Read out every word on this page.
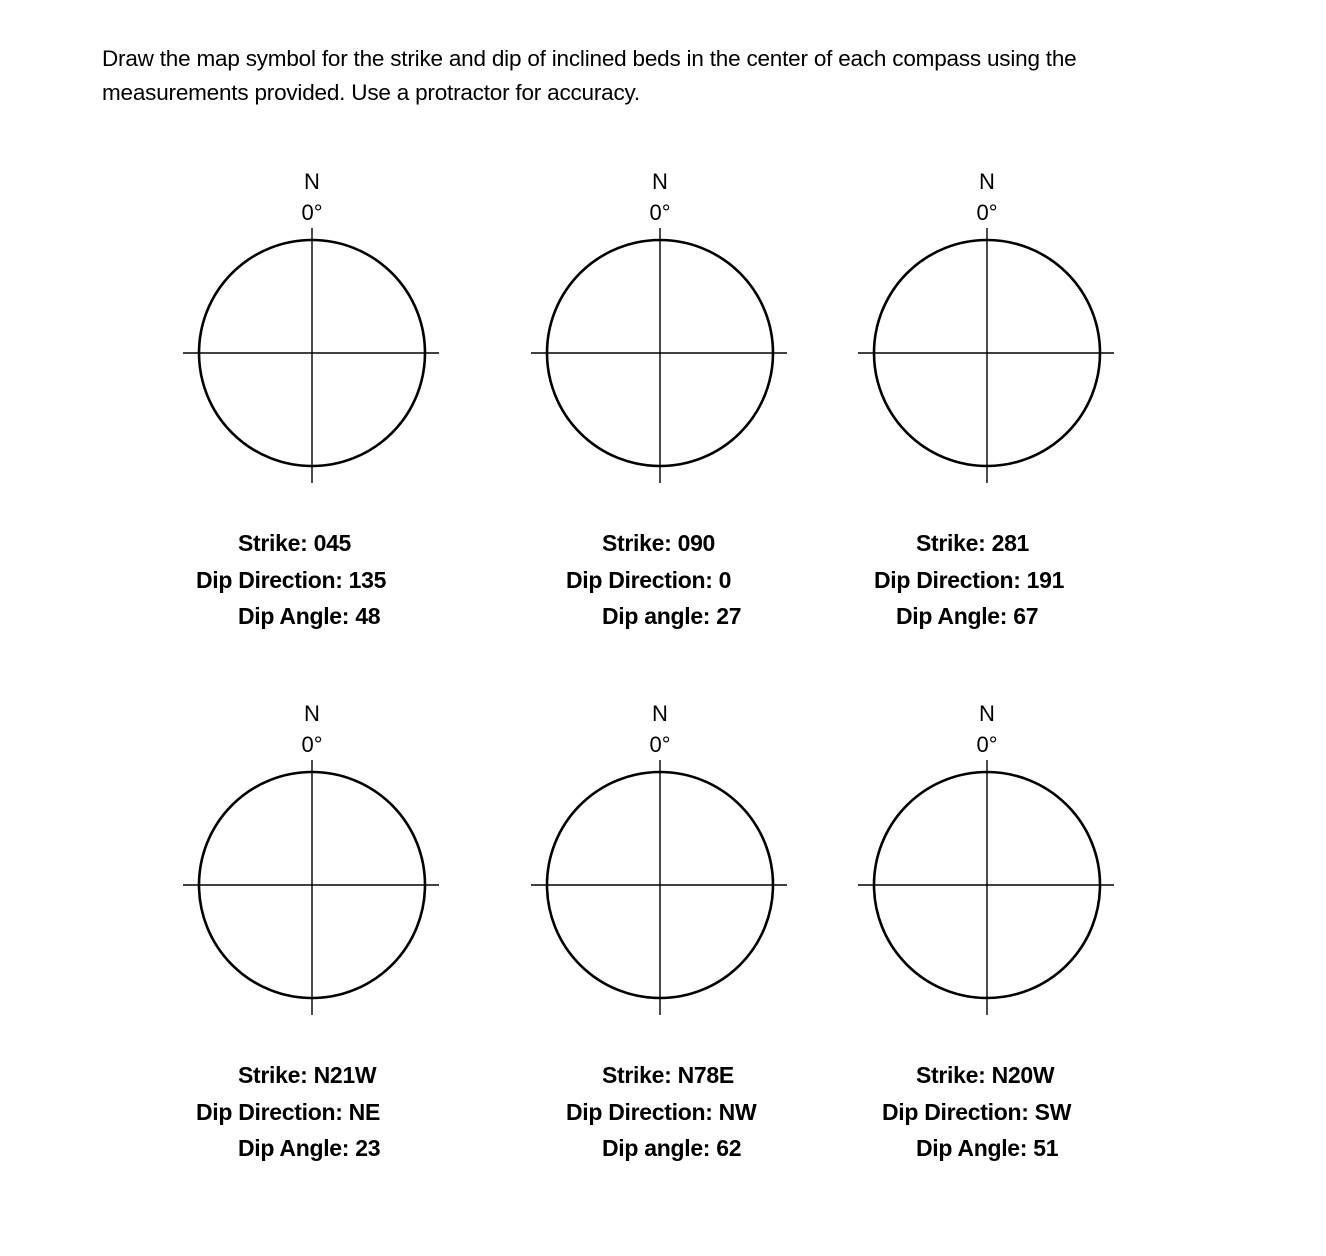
Draw the map symbol for the strike and dip of inclined beds in the center of each compass using the
measurements provided. Use a protractor for accuracy.
N
0°
Strike: 045
Dip Direction: 135
Dip Angle: 48
N
0°
Strike: 090
Dip Direction: 0
Dip angle: 27
N
0°
Strike: 281
Dip Direction: 191
Dip Angle: 67
N
0°
Strike: N21W
Dip Direction: NE
Dip Angle: 23
N
0°
Strike: N78E
Dip Direction: NW
Dip angle: 62
N
0°
Strike: N20W
Dip Direction: SW
Dip Angle: 51
